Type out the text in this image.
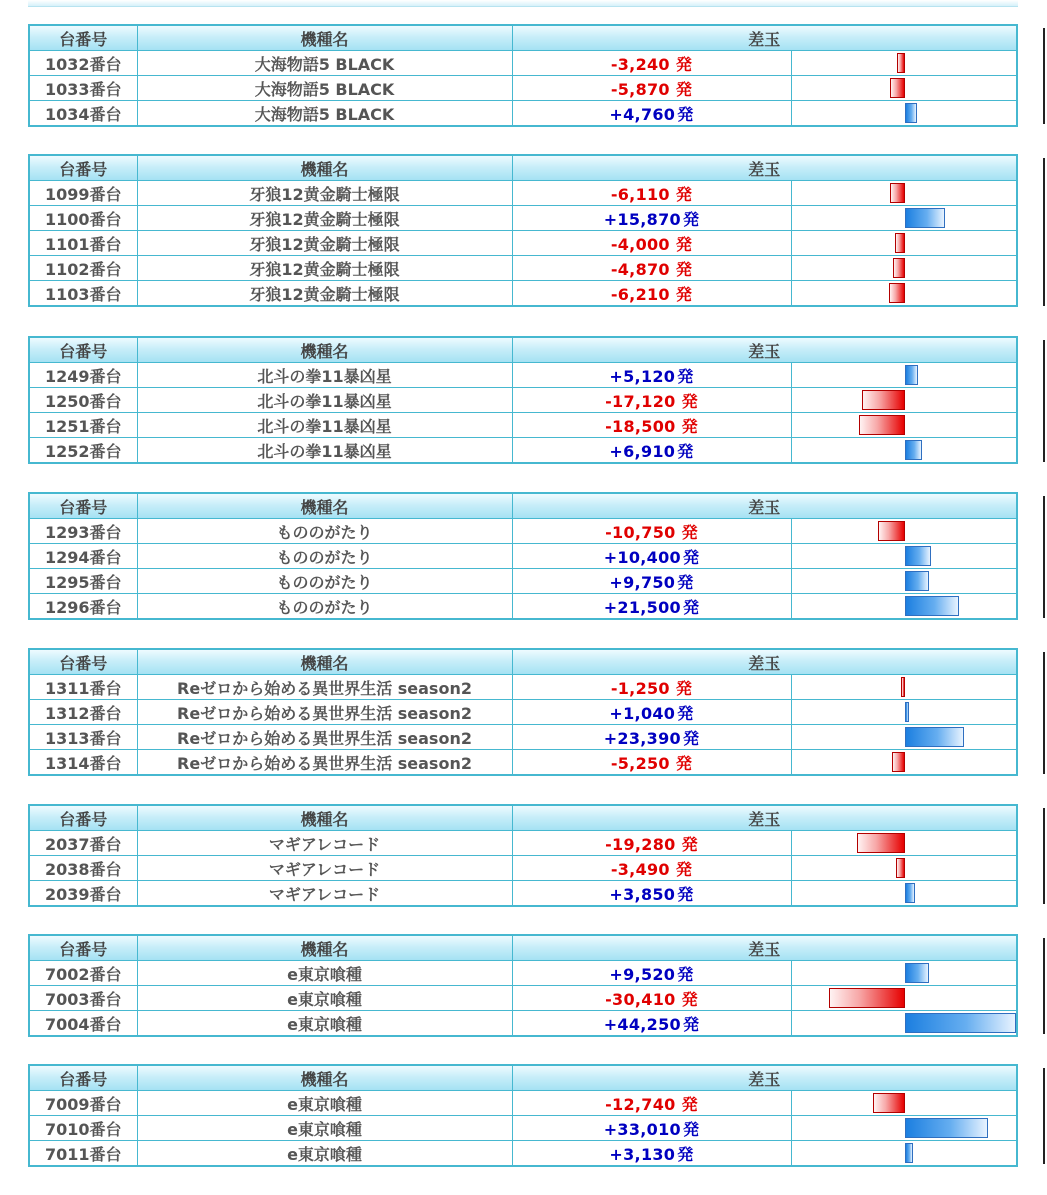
台番号	機種名	差玉	
1032番台	大海物語5 BLACK	-3,240 発	

1033番台	大海物語5 BLACK	-5,870 発	

1034番台	大海物語5 BLACK	+4,760 発	
台番号	機種名	差玉	
1099番台	牙狼12黄金騎士極限	-6,110 発	

1100番台	牙狼12黄金騎士極限	+15,870 発	

1101番台	牙狼12黄金騎士極限	-4,000 発	

1102番台	牙狼12黄金騎士極限	-4,870 発	

1103番台	牙狼12黄金騎士極限	-6,210 発	
台番号	機種名	差玉	
1249番台	北斗の拳11暴凶星	+5,120 発	

1250番台	北斗の拳11暴凶星	-17,120 発	

1251番台	北斗の拳11暴凶星	-18,500 発	

1252番台	北斗の拳11暴凶星	+6,910 発	
台番号	機種名	差玉	
1293番台	もののがたり	-10,750 発	

1294番台	もののがたり	+10,400 発	

1295番台	もののがたり	+9,750 発	

1296番台	もののがたり	+21,500 発	
台番号	機種名	差玉	
1311番台	Reゼロから始める異世界生活 season2	-1,250 発	

1312番台	Reゼロから始める異世界生活 season2	+1,040 発	

1313番台	Reゼロから始める異世界生活 season2	+23,390 発	

1314番台	Reゼロから始める異世界生活 season2	-5,250 発	
台番号	機種名	差玉	
2037番台	マギアレコード	-19,280 発	

2038番台	マギアレコード	-3,490 発	

2039番台	マギアレコード	+3,850 発	
台番号	機種名	差玉	
7002番台	e東京喰種	+9,520 発	

7003番台	e東京喰種	-30,410 発	

7004番台	e東京喰種	+44,250 発	
台番号	機種名	差玉	
7009番台	e東京喰種	-12,740 発	

7010番台	e東京喰種	+33,010 発	

7011番台	e東京喰種	+3,130 発	
